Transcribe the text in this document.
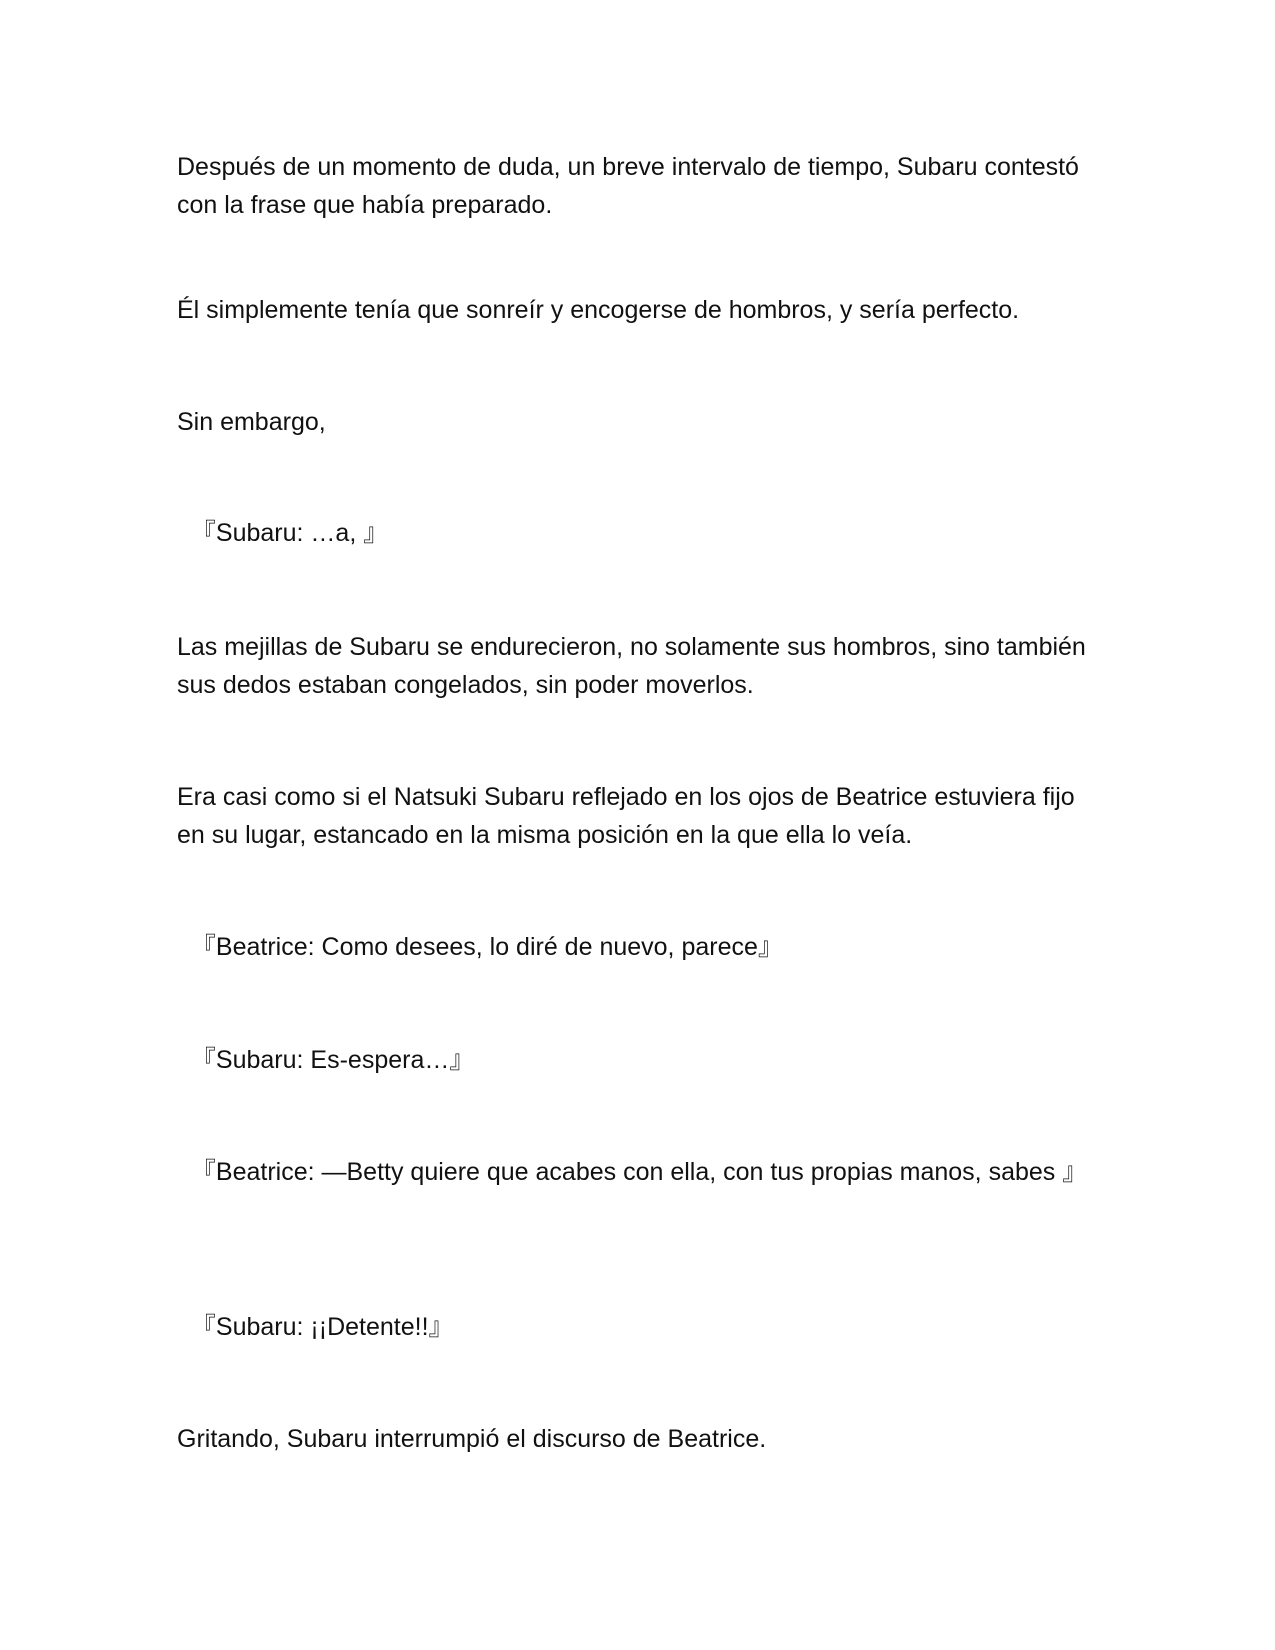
Después de un momento de duda, un breve intervalo de tiempo, Subaru contestó con la frase que había preparado.

Él simplemente tenía que sonreír y encogerse de hombros, y sería perfecto.

Sin embargo,

『Subaru: …a, 』

Las mejillas de Subaru se endurecieron, no solamente sus hombros, sino también sus dedos estaban congelados, sin poder moverlos.

Era casi como si el Natsuki Subaru reflejado en los ojos de Beatrice estuviera fijo en su lugar, estancado en la misma posición en la que ella lo veía.

『Beatrice: Como desees, lo diré de nuevo, parece』

『Subaru: Es-espera…』

『Beatrice: —Betty quiere que acabes con ella, con tus propias manos, sabes 』

『Subaru: ¡¡Detente!!』

Gritando, Subaru interrumpió el discurso de Beatrice.
